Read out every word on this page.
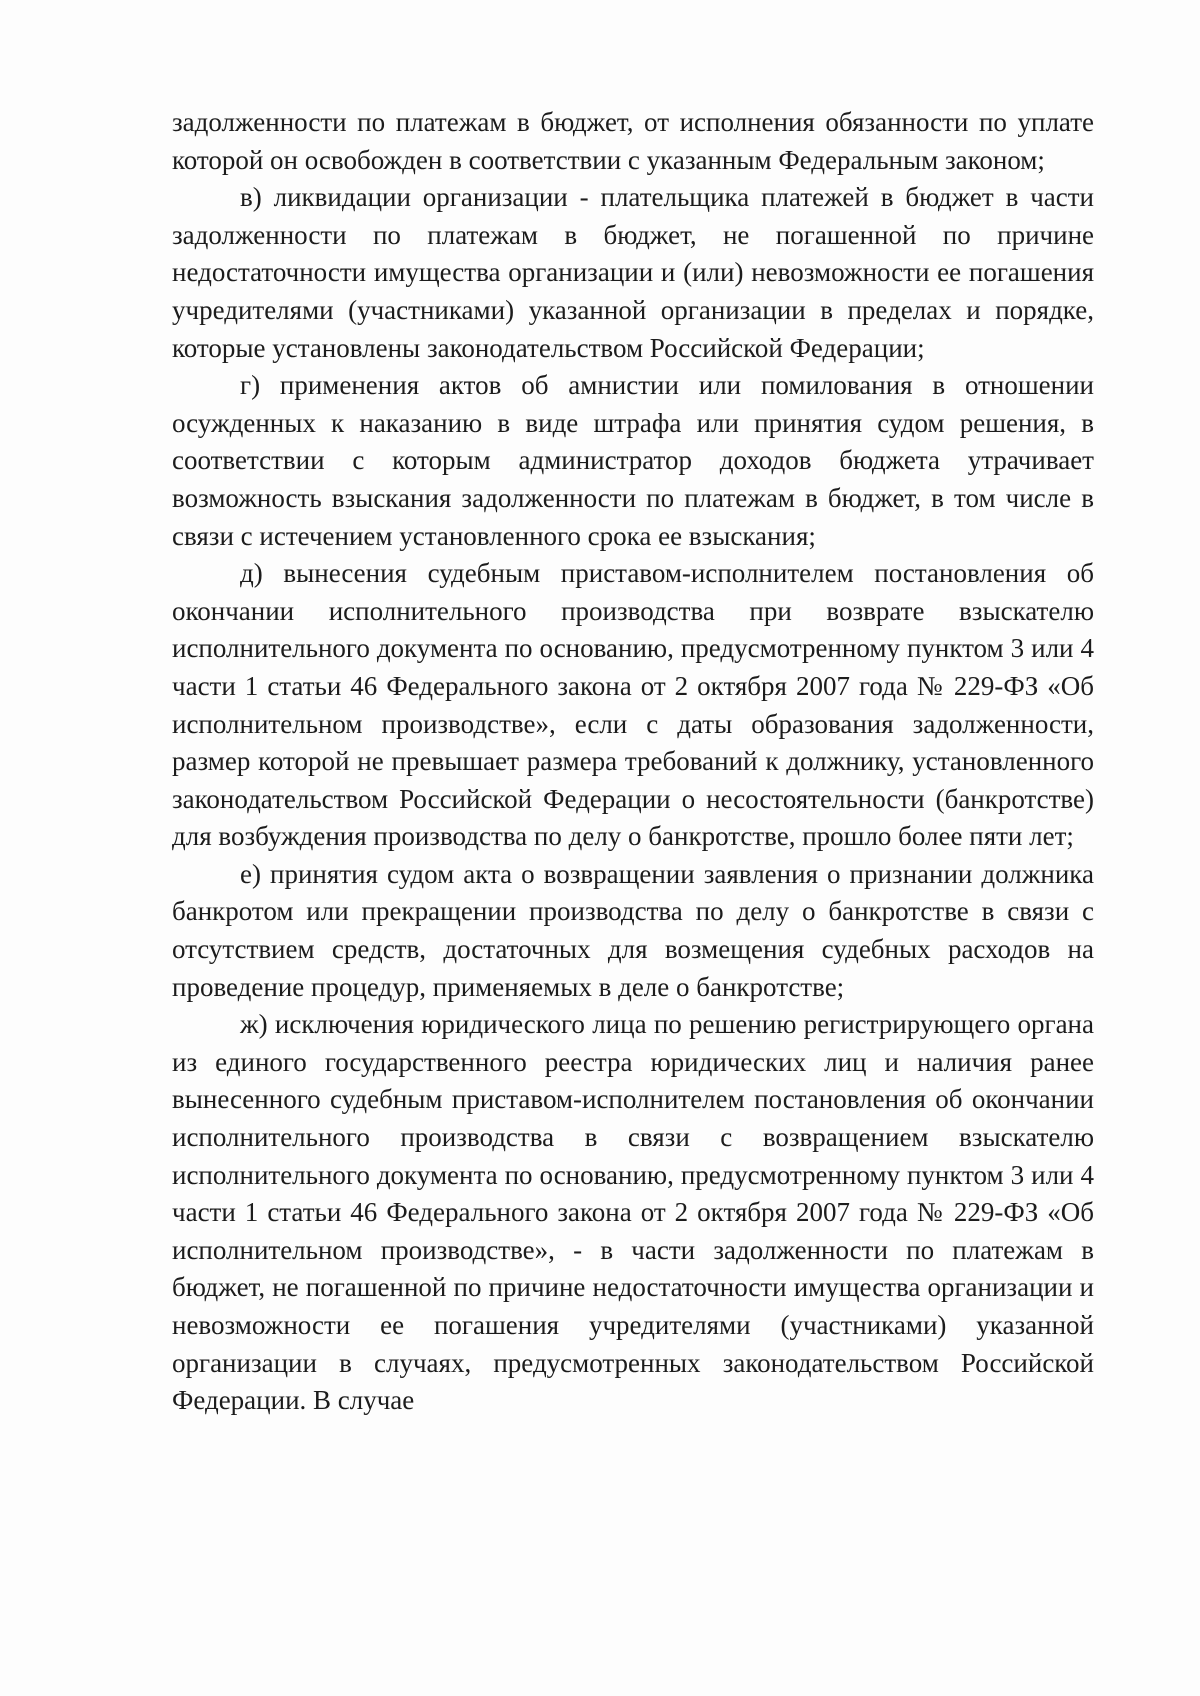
задолженности по платежам в бюджет, от исполнения обязанности по уплате которой он освобожден в соответствии с указанным Федеральным законом;

в) ликвидации организации - плательщика платежей в бюджет в части задолженности по платежам в бюджет, не погашенной по причине недостаточности имущества организации и (или) невозможности ее погашения учредителями (участниками) указанной организации в пределах и порядке, которые установлены законодательством Российской Федерации;

г) применения актов об амнистии или помилования в отношении осужденных к наказанию в виде штрафа или принятия судом решения, в соответствии с которым администратор доходов бюджета утрачивает возможность взыскания задолженности по платежам в бюджет, в том числе в связи с истечением установленного срока ее взыскания;

д) вынесения судебным приставом-исполнителем постановления об окончании исполнительного производства при возврате взыскателю исполнительного документа по основанию, предусмотренному пунктом 3 или 4 части 1 статьи 46 Федерального закона от 2 октября 2007 года № 229-ФЗ «Об исполнительном производстве», если с даты образования задолженности, размер которой не превышает размера требований к должнику, установленного законодательством Российской Федерации о несостоятельности (банкротстве) для возбуждения производства по делу о банкротстве, прошло более пяти лет;

е) принятия судом акта о возвращении заявления о признании должника банкротом или прекращении производства по делу о банкротстве в связи с отсутствием средств, достаточных для возмещения судебных расходов на проведение процедур, применяемых в деле о банкротстве;

ж) исключения юридического лица по решению регистрирующего органа из единого государственного реестра юридических лиц и наличия ранее вынесенного судебным приставом-исполнителем постановления об окончании исполнительного производства в связи с возвращением взыскателю исполнительного документа по основанию, предусмотренному пунктом 3 или 4 части 1 статьи 46 Федерального закона от 2 октября 2007 года № 229-ФЗ «Об исполнительном производстве», - в части задолженности по платежам в бюджет, не погашенной по причине недостаточности имущества организации и невозможности ее погашения учредителями (участниками) указанной организации в случаях, предусмотренных законодательством Российской Федерации. В случае
